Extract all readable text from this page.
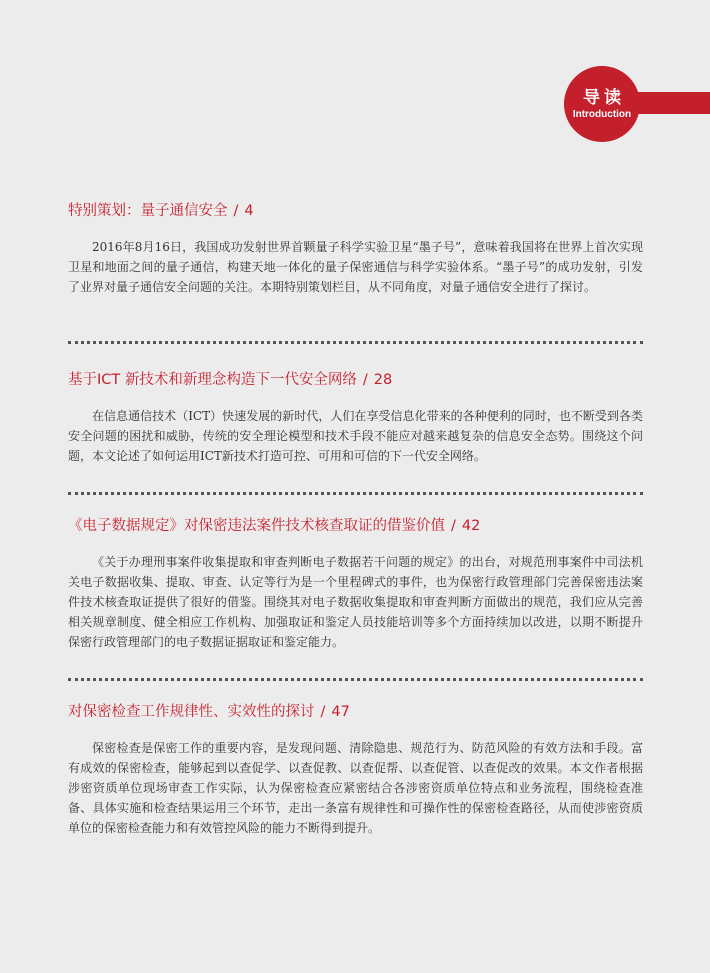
导读
Introduction
特别策划：量子通信安全 / 4
2016年8月16日，我国成功发射世界首颗量子科学实验卫星“墨子号”，意味着我国将在世界上首次实现卫星和地面之间的量子通信，构建天地一体化的量子保密通信与科学实验体系。“墨子号”的成功发射，引发了业界对量子通信安全问题的关注。本期特别策划栏目，从不同角度，对量子通信安全进行了探讨。
基于ICT 新技术和新理念构造下一代安全网络 / 28
在信息通信技术（ICT）快速发展的新时代，人们在享受信息化带来的各种便利的同时，也不断受到各类安全问题的困扰和威胁，传统的安全理论模型和技术手段不能应对越来越复杂的信息安全态势。围绕这个问题，本文论述了如何运用ICT新技术打造可控、可用和可信的下一代安全网络。
《电子数据规定》对保密违法案件技术核查取证的借鉴价值 / 42
《关于办理刑事案件收集提取和审查判断电子数据若干问题的规定》的出台，对规范刑事案件中司法机关电子数据收集、提取、审查、认定等行为是一个里程碑式的事件，也为保密行政管理部门完善保密违法案件技术核查取证提供了很好的借鉴。围绕其对电子数据收集提取和审查判断方面做出的规范，我们应从完善相关规章制度、健全相应工作机构、加强取证和鉴定人员技能培训等多个方面持续加以改进，以期不断提升保密行政管理部门的电子数据证据取证和鉴定能力。
对保密检查工作规律性、实效性的探讨 / 47
保密检查是保密工作的重要内容，是发现问题、清除隐患、规范行为、防范风险的有效方法和手段。富有成效的保密检查，能够起到以查促学、以查促教、以查促帮、以查促管、以查促改的效果。本文作者根据涉密资质单位现场审查工作实际，认为保密检查应紧密结合各涉密资质单位特点和业务流程，围绕检查准备、具体实施和检查结果运用三个环节，走出一条富有规律性和可操作性的保密检查路径，从而使涉密资质单位的保密检查能力和有效管控风险的能力不断得到提升。
